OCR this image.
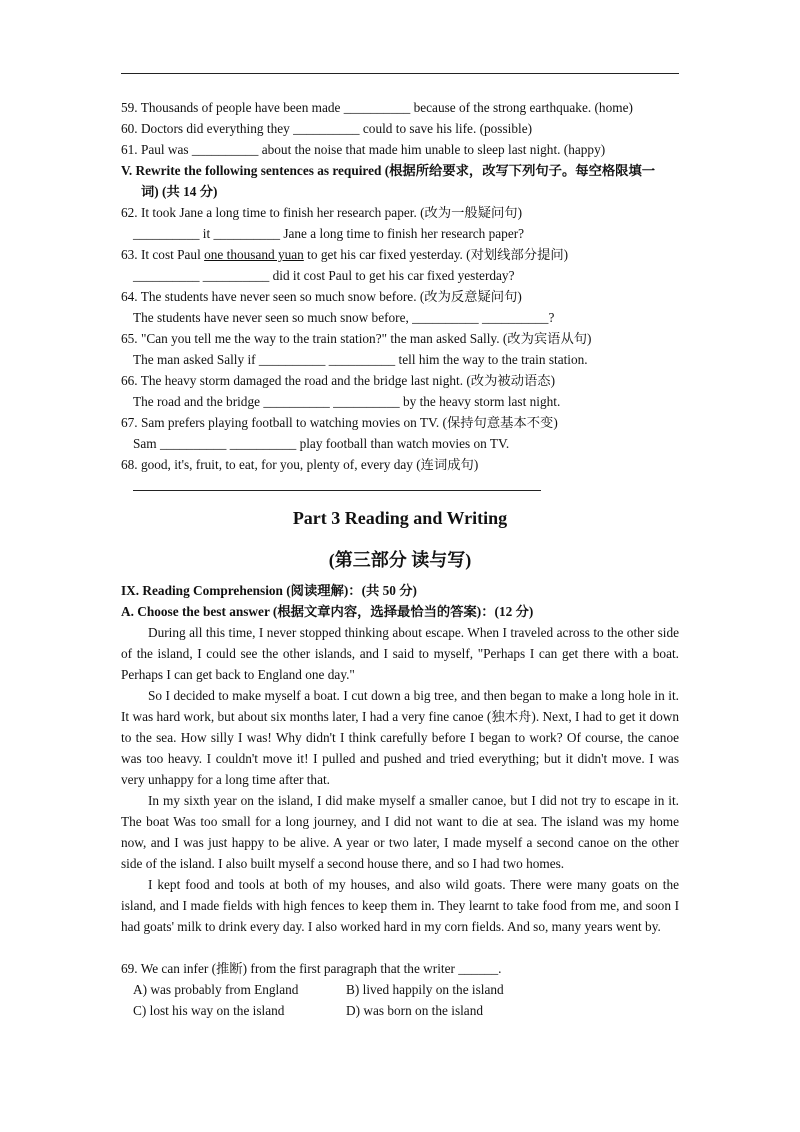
59. Thousands of people have been made __________ because of the strong earthquake. (home)
60. Doctors did everything they __________ could to save his life. (possible)
61. Paul was __________ about the noise that made him unable to sleep last night. (happy)
V. Rewrite the following sentences as required (根据所给要求，改写下列句子。每空格限填一
词) (共 14 分)
62. It took Jane a long time to finish her research paper. (改为一般疑问句)
__________ it __________ Jane a long time to finish her research paper?
63. It cost Paul one thousand yuan to get his car fixed yesterday. (对划线部分提问)
__________ __________ did it cost Paul to get his car fixed yesterday?
64. The students have never seen so much snow before. (改为反意疑问句)
The students have never seen so much snow before, __________ __________?
65. "Can you tell me the way to the train station?" the man asked Sally. (改为宾语从句)
The man asked Sally if __________ __________ tell him the way to the train station.
66. The heavy storm damaged the road and the bridge last night. (改为被动语态)
The road and the bridge __________ __________ by the heavy storm last night.
67. Sam prefers playing football to watching movies on TV. (保持句意基本不变)
Sam __________ __________ play football than watch movies on TV.
68. good, it's, fruit, to eat, for you, plenty of, every day (连词成句)
Part 3 Reading and Writing
(第三部分 读与写)
IX. Reading Comprehension (阅读理解)：(共 50 分)
A. Choose the best answer (根据文章内容，选择最恰当的答案)：(12 分)
During all this time, I never stopped thinking about escape. When I traveled across to the other side of the island, I could see the other islands, and I said to myself, "Perhaps I can get there with a boat. Perhaps I can get back to England one day."
So I decided to make myself a boat. I cut down a big tree, and then began to make a long hole in it. It was hard work, but about six months later, I had a very fine canoe (独木舟). Next, I had to get it down to the sea. How silly I was! Why didn't I think carefully before I began to work? Of course, the canoe was too heavy. I couldn't move it! I pulled and pushed and tried everything; but it didn't move. I was very unhappy for a long time after that.
In my sixth year on the island, I did make myself a smaller canoe, but I did not try to escape in it. The boat Was too small for a long journey, and I did not want to die at sea. The island was my home now, and I was just happy to be alive. A year or two later, I made myself a second canoe on the other side of the island. I also built myself a second house there, and so I had two homes.
I kept food and tools at both of my houses, and also wild goats. There were many goats on the island, and I made fields with high fences to keep them in. They learnt to take food from me, and soon I had goats' milk to drink every day. I also worked hard in my corn fields. And so, many years went by.
69. We can infer (推断) from the first paragraph that the writer ______.
A) was probably from England	B) lived happily on the island
C) lost his way on the island	D) was born on the island
